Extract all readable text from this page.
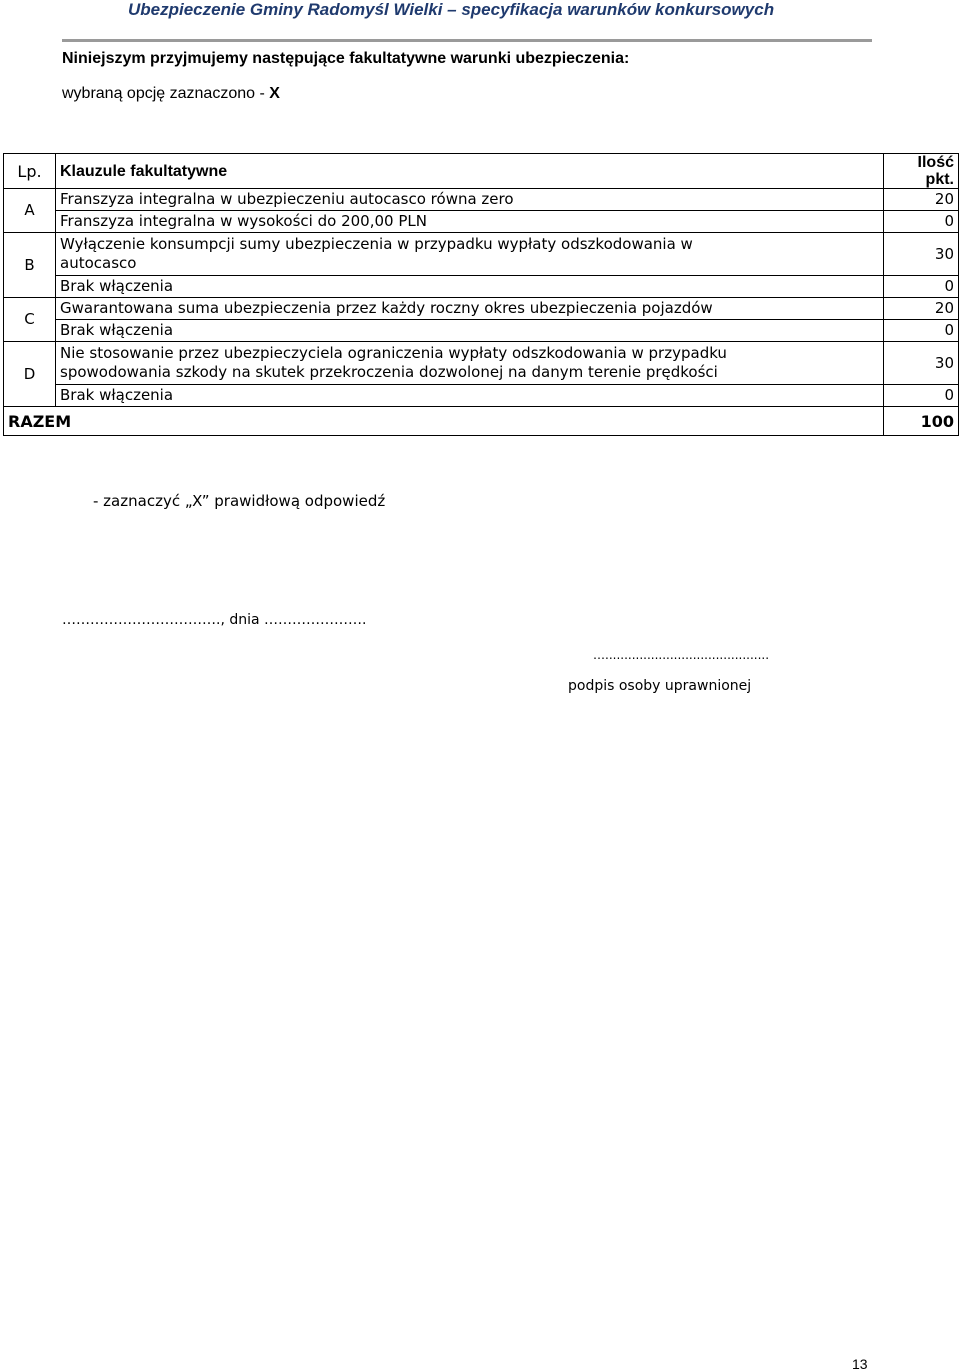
Ubezpieczenie Gminy Radomyśl Wielki – specyfikacja warunków konkursowych
Niniejszym przyjmujemy następujące fakultatywne warunki ubezpieczenia:
wybraną opcję zaznaczono - X
Lp.	Klauzule fakultatywne	Ilość pkt.
A	Franszyza integralna w ubezpieczeniu autocasco równa zero	20
	Franszyza integralna w wysokości do 200,00 PLN	0
B	Wyłączenie konsumpcji sumy ubezpieczenia w przypadku wypłaty odszkodowania w autocasco	30
	Brak włączenia	0
C	Gwarantowana suma ubezpieczenia przez każdy roczny okres ubezpieczenia pojazdów	20
	Brak włączenia	0
D	Nie stosowanie przez ubezpieczyciela ograniczenia wypłaty odszkodowania w przypadku spowodowania szkody na skutek przekroczenia dozwolonej na danym terenie prędkości	30
	Brak włączenia	0
RAZEM		100
- zaznaczyć „X” prawidłową odpowiedź
……………………………., dnia ………………….
…...........................................
podpis osoby uprawnionej
13
